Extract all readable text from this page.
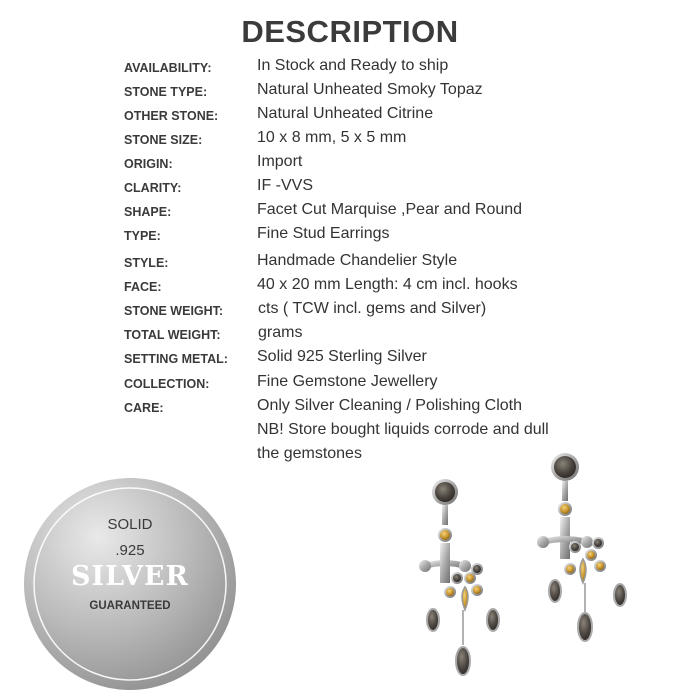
DESCRIPTION
AVAILABILITY:	In Stock and Ready to ship
STONE TYPE:	Natural Unheated Smoky Topaz
OTHER STONE: Natural Unheated Citrine
STONE SIZE:	10 x 8 mm, 5 x 5 mm
ORIGIN:	Import
CLARITY:	IF -VVS
SHAPE:	Facet Cut Marquise ,Pear and Round
TYPE:	Fine Stud Earrings
STYLE:	Handmade Chandelier Style
FACE:	40 x 20 mm Length: 4 cm incl. hooks
STONE WEIGHT: cts ( TCW incl. gems and Silver)
TOTAL WEIGHT: grams
SETTING METAL: Solid 925 Sterling Silver
COLLECTION:	Fine Gemstone Jewellery
CARE:	Only Silver Cleaning / Polishing Cloth
NB! Store bought liquids corrode and dull
the gemstones
SOLID
.925
SILVER
GUARANTEED
